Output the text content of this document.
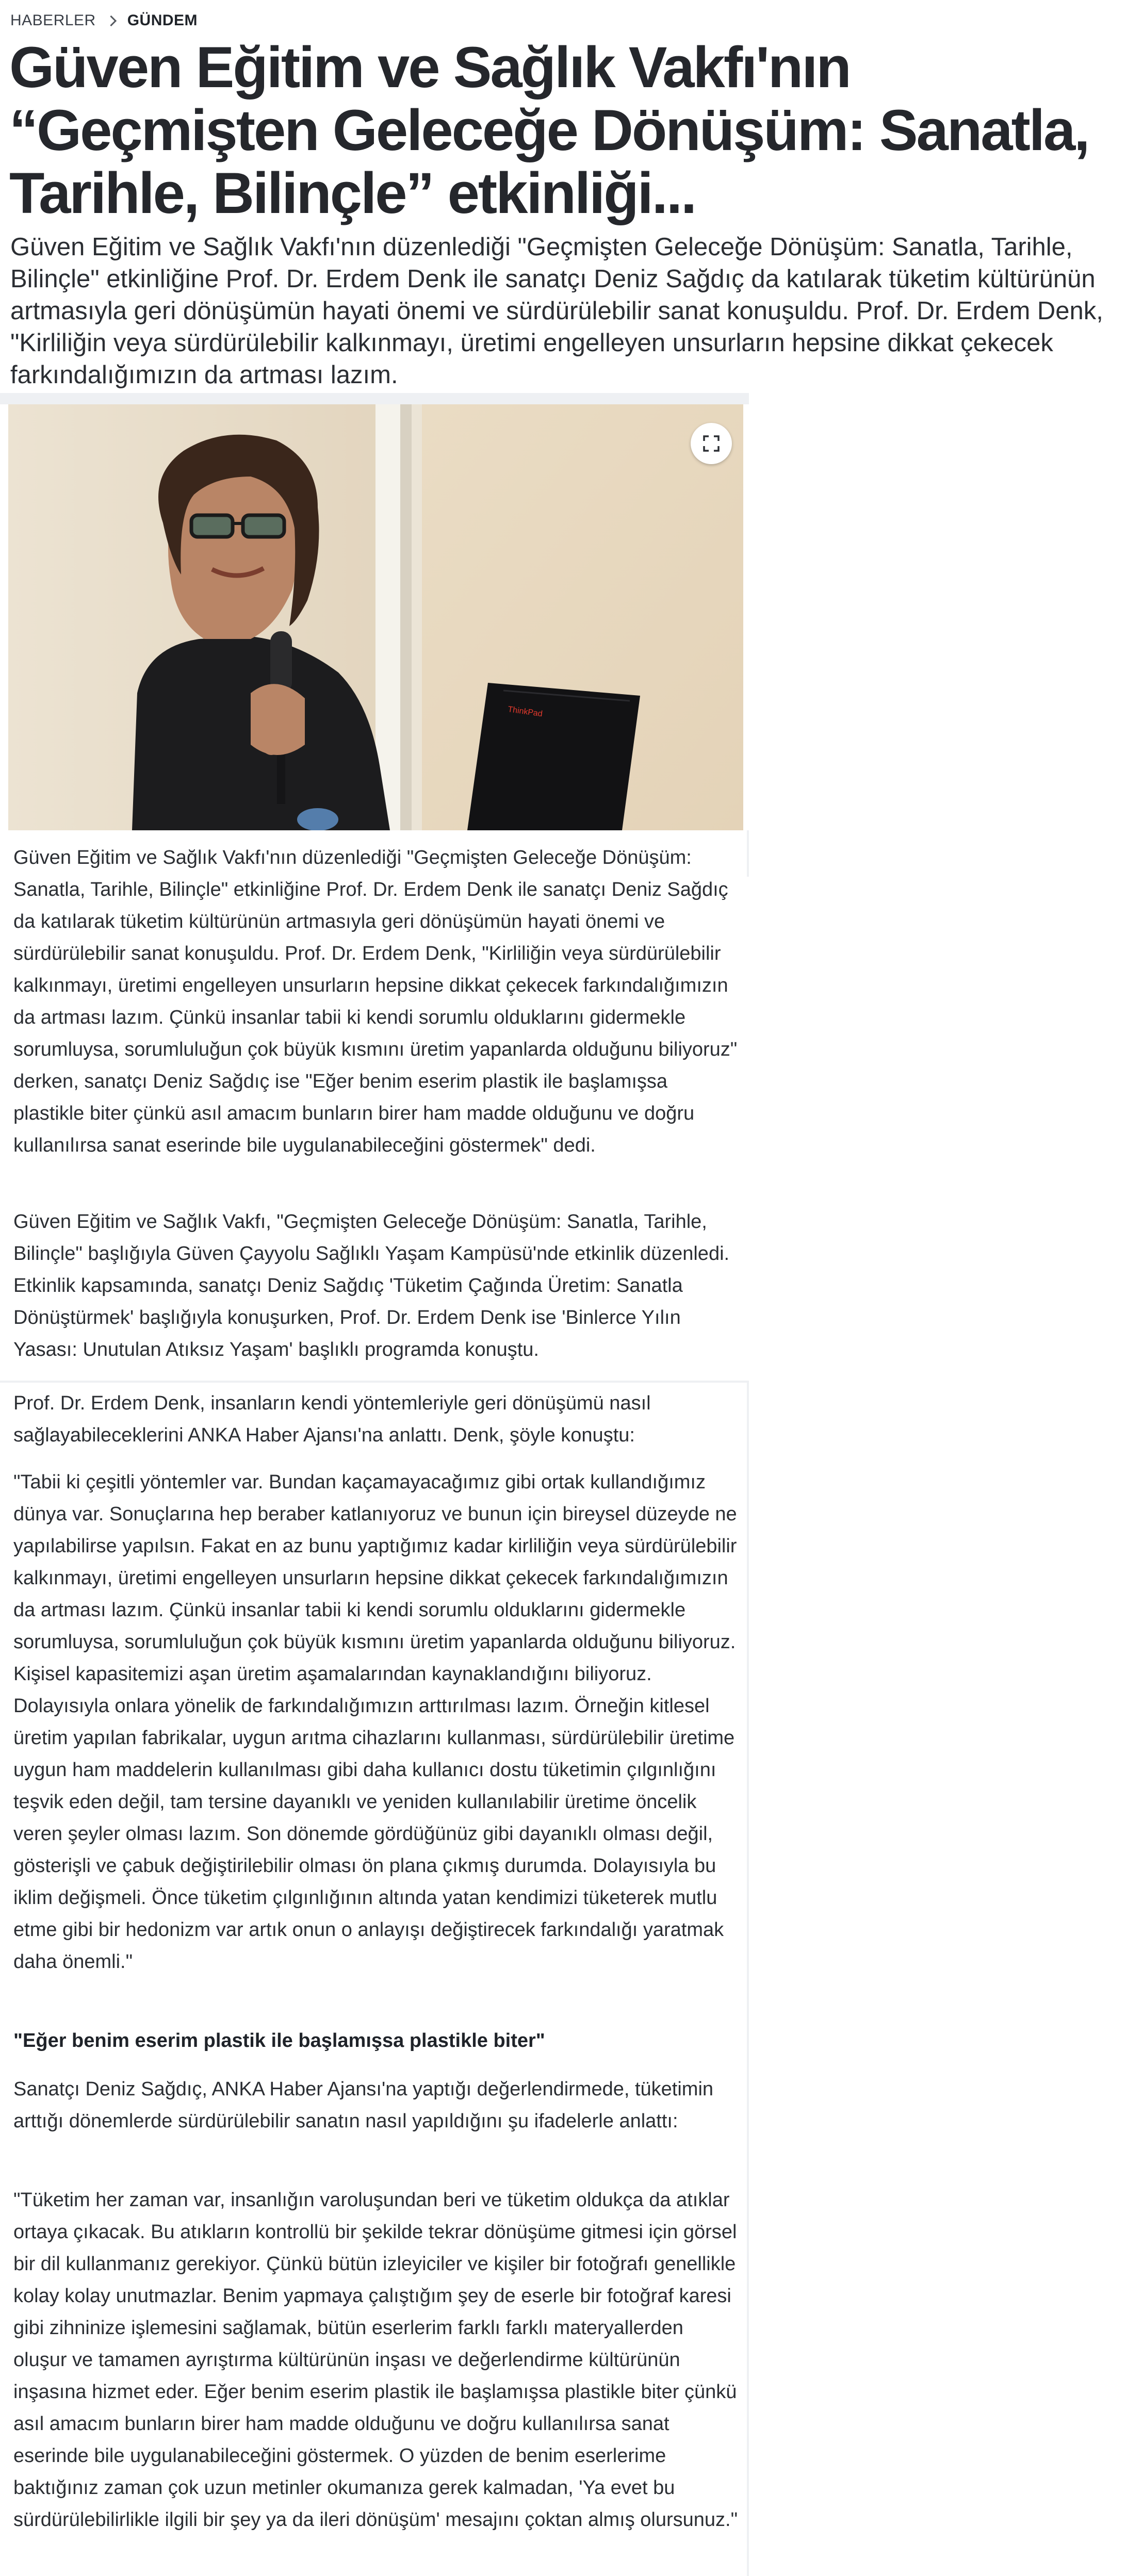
HABERLER GÜNDEM
Güven Eğitim ve Sağlık Vakfı'nın “Geçmişten Geleceğe Dönüşüm: Sanatla, Tarihle, Bilinçle” etkinliği...

Güven Eğitim ve Sağlık Vakfı'nın düzenlediği "Geçmişten Geleceğe Dönüşüm: Sanatla, Tarihle, Bilinçle" etkinliğine Prof. Dr. Erdem Denk ile sanatçı Deniz Sağdıç da katılarak tüketim kültürünün artmasıyla geri dönüşümün hayati önemi ve sürdürülebilir sanat konuşuldu. Prof. Dr. Erdem Denk, "Kirliliğin veya sürdürülebilir kalkınmayı, üretimi engelleyen unsurların hepsine dikkat çekecek farkındalığımızın da artması lazım.

ThinkPad

Güven Eğitim ve Sağlık Vakfı'nın düzenlediği "Geçmişten Geleceğe Dönüşüm: Sanatla, Tarihle, Bilinçle" etkinliğine Prof. Dr. Erdem Denk ile sanatçı Deniz Sağdıç da katılarak tüketim kültürünün artmasıyla geri dönüşümün hayati önemi ve sürdürülebilir sanat konuşuldu. Prof. Dr. Erdem Denk, "Kirliliğin veya sürdürülebilir kalkınmayı, üretimi engelleyen unsurların hepsine dikkat çekecek farkındalığımızın da artması lazım. Çünkü insanlar tabii ki kendi sorumlu olduklarını gidermekle sorumluysa, sorumluluğun çok büyük kısmını üretim yapanlarda olduğunu biliyoruz" derken, sanatçı Deniz Sağdıç ise "Eğer benim eserim plastik ile başlamışsa plastikle biter çünkü asıl amacım bunların birer ham madde olduğunu ve doğru kullanılırsa sanat eserinde bile uygulanabileceğini göstermek" dedi.

Güven Eğitim ve Sağlık Vakfı, "Geçmişten Geleceğe Dönüşüm: Sanatla, Tarihle, Bilinçle" başlığıyla Güven Çayyolu Sağlıklı Yaşam Kampüsü'nde etkinlik düzenledi. Etkinlik kapsamında, sanatçı Deniz Sağdıç 'Tüketim Çağında Üretim: Sanatla Dönüştürmek' başlığıyla konuşurken, Prof. Dr. Erdem Denk ise 'Binlerce Yılın Yasası: Unutulan Atıksız Yaşam' başlıklı programda konuştu.

Prof. Dr. Erdem Denk, insanların kendi yöntemleriyle geri dönüşümü nasıl sağlayabileceklerini ANKA Haber Ajansı'na anlattı. Denk, şöyle konuştu:

"Tabii ki çeşitli yöntemler var. Bundan kaçamayacağımız gibi ortak kullandığımız dünya var. Sonuçlarına hep beraber katlanıyoruz ve bunun için bireysel düzeyde ne yapılabilirse yapılsın. Fakat en az bunu yaptığımız kadar kirliliğin veya sürdürülebilir kalkınmayı, üretimi engelleyen unsurların hepsine dikkat çekecek farkındalığımızın da artması lazım. Çünkü insanlar tabii ki kendi sorumlu olduklarını gidermekle sorumluysa, sorumluluğun çok büyük kısmını üretim yapanlarda olduğunu biliyoruz. Kişisel kapasitemizi aşan üretim aşamalarından kaynaklandığını biliyoruz. Dolayısıyla onlara yönelik de farkındalığımızın arttırılması lazım. Örneğin kitlesel üretim yapılan fabrikalar, uygun arıtma cihazlarını kullanması, sürdürülebilir üretime uygun ham maddelerin kullanılması gibi daha kullanıcı dostu tüketimin çılgınlığını teşvik eden değil, tam tersine dayanıklı ve yeniden kullanılabilir üretime öncelik veren şeyler olması lazım. Son dönemde gördüğünüz gibi dayanıklı olması değil, gösterişli ve çabuk değiştirilebilir olması ön plana çıkmış durumda. Dolayısıyla bu iklim değişmeli. Önce tüketim çılgınlığının altında yatan kendimizi tüketerek mutlu etme gibi bir hedonizm var artık onun o anlayışı değiştirecek farkındalığı yaratmak daha önemli."

"Eğer benim eserim plastik ile başlamışsa plastikle biter"

Sanatçı Deniz Sağdıç, ANKA Haber Ajansı'na yaptığı değerlendirmede, tüketimin arttığı dönemlerde sürdürülebilir sanatın nasıl yapıldığını şu ifadelerle anlattı:

"Tüketim her zaman var, insanlığın varoluşundan beri ve tüketim oldukça da atıklar ortaya çıkacak. Bu atıkların kontrollü bir şekilde tekrar dönüşüme gitmesi için görsel bir dil kullanmanız gerekiyor. Çünkü bütün izleyiciler ve kişiler bir fotoğrafı genellikle kolay kolay unutmazlar. Benim yapmaya çalıştığım şey de eserle bir fotoğraf karesi gibi zihninize işlemesini sağlamak, bütün eserlerim farklı farklı materyallerden oluşur ve tamamen ayrıştırma kültürünün inşası ve değerlendirme kültürünün inşasına hizmet eder. Eğer benim eserim plastik ile başlamışsa plastikle biter çünkü asıl amacım bunların birer ham madde olduğunu ve doğru kullanılırsa sanat eserinde bile uygulanabileceğini göstermek. O yüzden de benim eserlerime baktığınız zaman çok uzun metinler okumanıza gerek kalmadan, 'Ya evet bu sürdürülebilirlikle ilgili bir şey ya da ileri dönüşüm' mesajını çoktan almış olursunuz."
